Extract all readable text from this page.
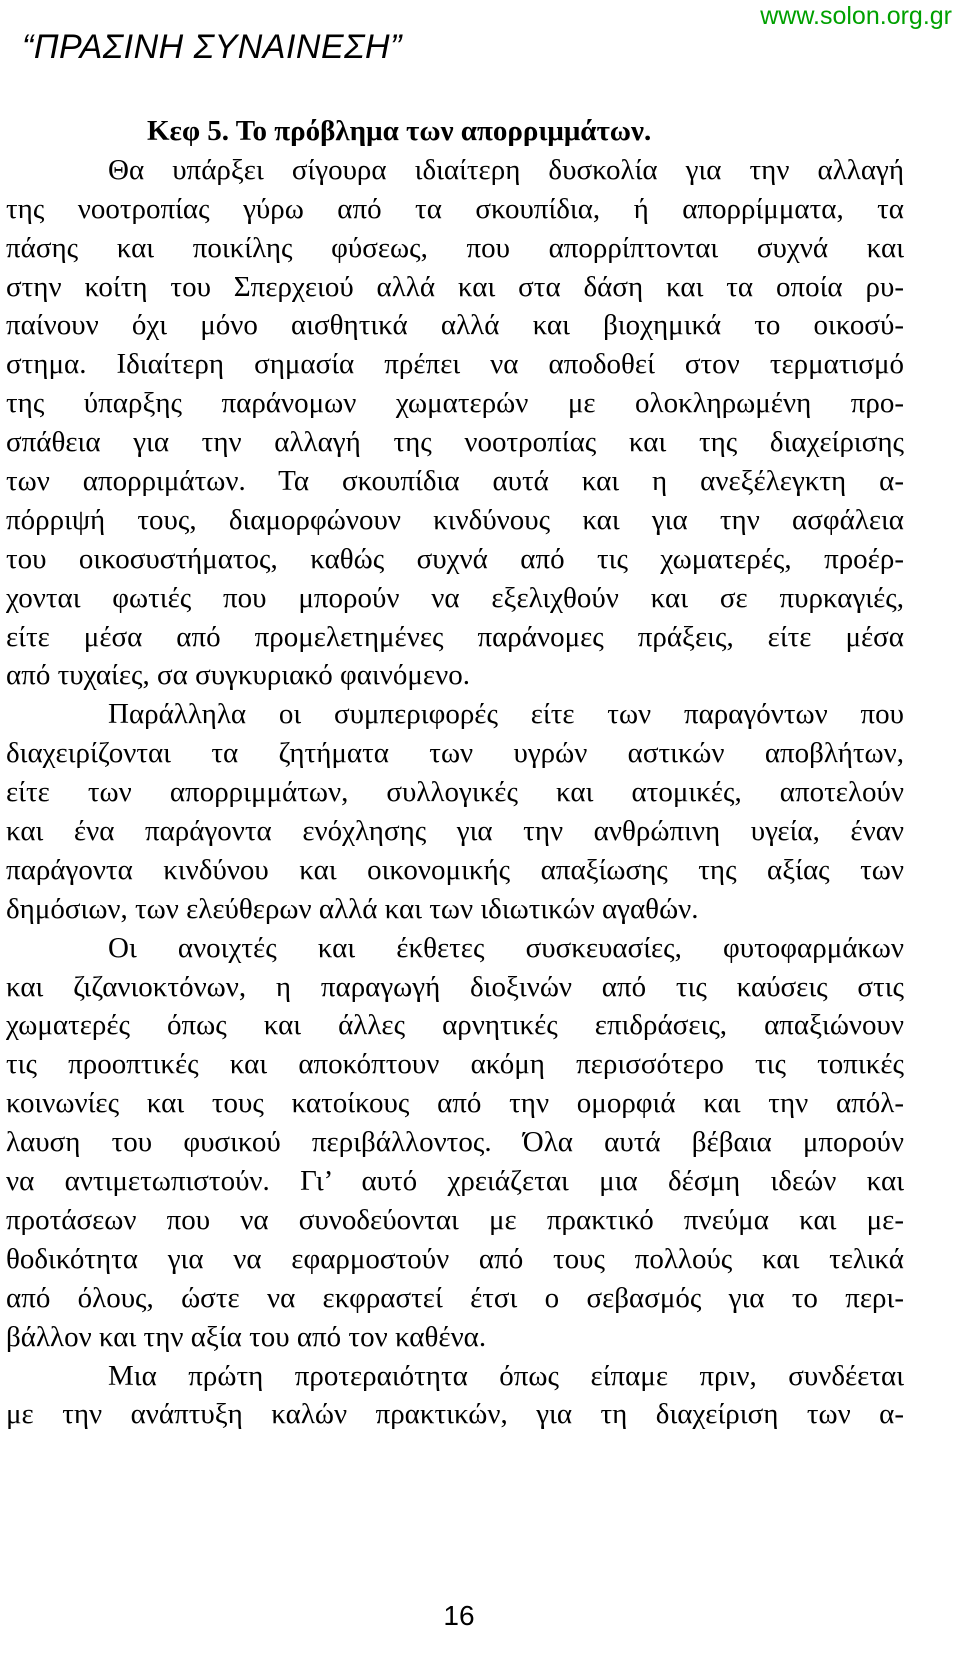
“ΠΡΑΣΙΝΗ ΣΥΝΑΙΝΕΣΗ”
www.solon.org.gr
Κεφ 5. Το πρόβλημα των απορριμμάτων.
Θα υπάρξει σίγουρα ιδιαίτερη δυσκολία για την αλλαγή
της νοοτροπίας γύρω από τα σκουπίδια, ή απορρίμματα, τα
πάσης και ποικίλης φύσεως, που απορρίπτονται συχνά και
στην κοίτη του Σπερχειού αλλά και στα δάση και τα οποία ρυ-
παίνουν όχι μόνο αισθητικά αλλά και βιοχημικά το οικοσύ-
στημα. Ιδιαίτερη σημασία πρέπει να αποδοθεί στον τερματισμό
της ύπαρξης παράνομων χωματερών με ολοκληρωμένη προ-
σπάθεια για την αλλαγή της νοοτροπίας και της διαχείρισης
των απορριμάτων. Τα σκουπίδια αυτά και η ανεξέλεγκτη α-
πόρριψή τους, διαμορφώνουν κινδύνους και για την ασφάλεια
του οικοσυστήματος, καθώς συχνά από τις χωματερές, προέρ-
χονται φωτιές που μπορούν να εξελιχθούν και σε πυρκαγιές,
είτε μέσα από προμελετημένες παράνομες πράξεις, είτε μέσα
από τυχαίες, σα συγκυριακό φαινόμενο.
Παράλληλα οι συμπεριφορές είτε των παραγόντων που
διαχειρίζονται τα ζητήματα των υγρών αστικών αποβλήτων,
είτε των απορριμμάτων, συλλογικές και ατομικές, αποτελούν
και ένα παράγοντα ενόχλησης για την ανθρώπινη υγεία, έναν
παράγοντα κινδύνου και οικονομικής απαξίωσης της αξίας των
δημόσιων, των ελεύθερων αλλά και των ιδιωτικών αγαθών.
Οι ανοιχτές και έκθετες συσκευασίες, φυτοφαρμάκων
και ζιζανιοκτόνων, η παραγωγή διοξινών από τις καύσεις στις
χωματερές όπως και άλλες αρνητικές επιδράσεις, απαξιώνουν
τις προοπτικές και αποκόπτουν ακόμη περισσότερο τις τοπικές
κοινωνίες και τους κατοίκους από την ομορφιά και την απόλ-
λαυση του φυσικού περιβάλλοντος. Όλα αυτά βέβαια μπορούν
να αντιμετωπιστούν. Γι’ αυτό χρειάζεται μια δέσμη ιδεών και
προτάσεων που να συνοδεύονται με πρακτικό πνεύμα και με-
θοδικότητα για να εφαρμοστούν από τους πολλούς και τελικά
από όλους, ώστε να εκφραστεί έτσι ο σεβασμός για το περι-
βάλλον και την αξία του από τον καθένα.
Μια πρώτη προτεραιότητα όπως είπαμε πριν, συνδέεται
με την ανάπτυξη καλών πρακτικών, για τη διαχείριση των α-
16
